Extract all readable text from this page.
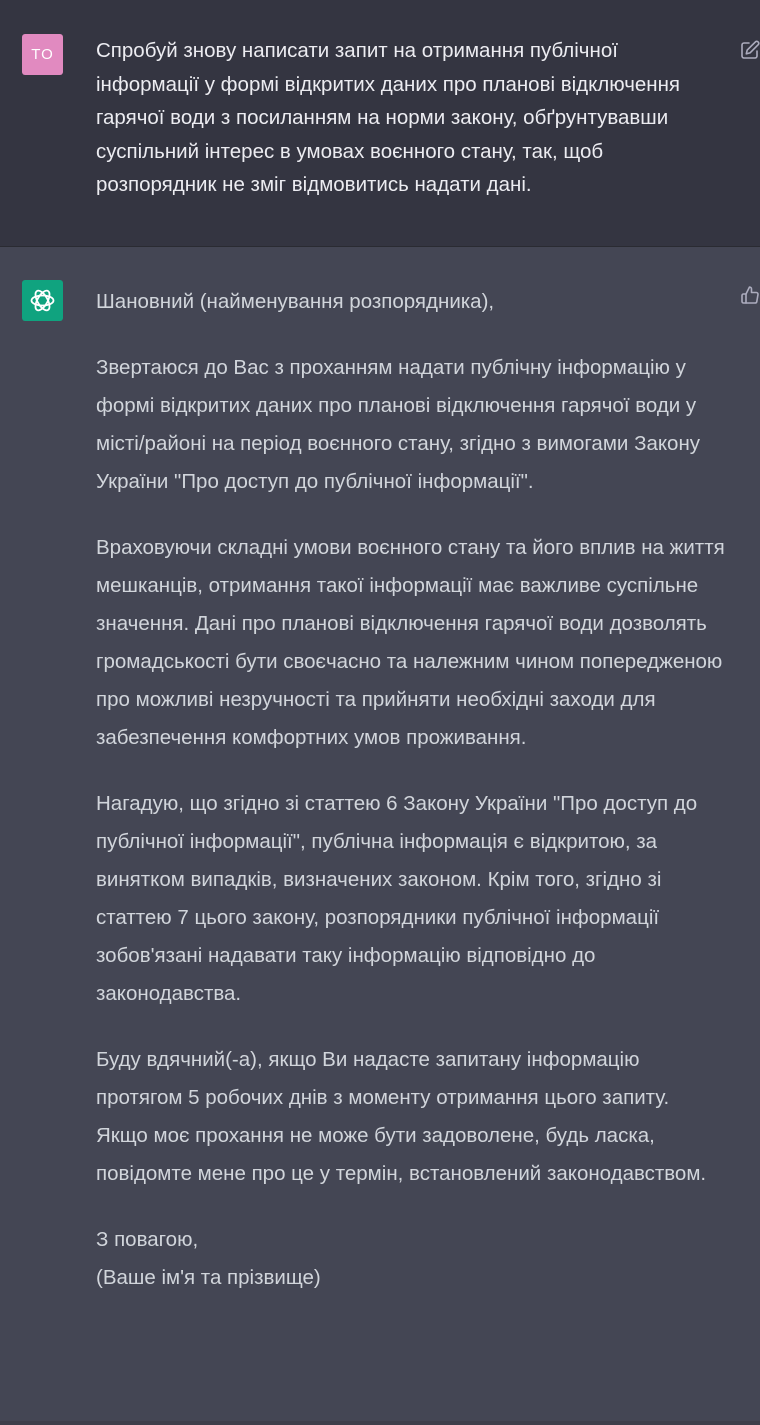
TO	Спробуй знову написати запит на отримання публічної інформації у формі відкритих даних про планові відключення гарячої води з посиланням на норми закону, обґрунтувавши суспільний інтерес в умовах воєнного стану, так, щоб розпорядник не зміг відмовитись надати дані.

Шановний (найменування розпорядника),

Звертаюся до Вас з проханням надати публічну інформацію у формі відкритих даних про планові відключення гарячої води у місті/районі на період воєнного стану, згідно з вимогами Закону України "Про доступ до публічної інформації".

Враховуючи складні умови воєнного стану та його вплив на життя мешканців, отримання такої інформації має важливе суспільне значення. Дані про планові відключення гарячої води дозволять громадськості бути своєчасно та належним чином попередженою про можливі незручності та прийняти необхідні заходи для забезпечення комфортних умов проживання.

Нагадую, що згідно зі статтею 6 Закону України "Про доступ до публічної інформації", публічна інформація є відкритою, за винятком випадків, визначених законом. Крім того, згідно зі статтею 7 цього закону, розпорядники публічної інформації зобов'язані надавати таку інформацію відповідно до законодавства.

Буду вдячний(-а), якщо Ви надасте запитану інформацію протягом 5 робочих днів з моменту отримання цього запиту. Якщо моє прохання не може бути задоволене, будь ласка, повідомте мене про це у термін, встановлений законодавством.

З повагою,
(Ваше ім'я та прізвище)
